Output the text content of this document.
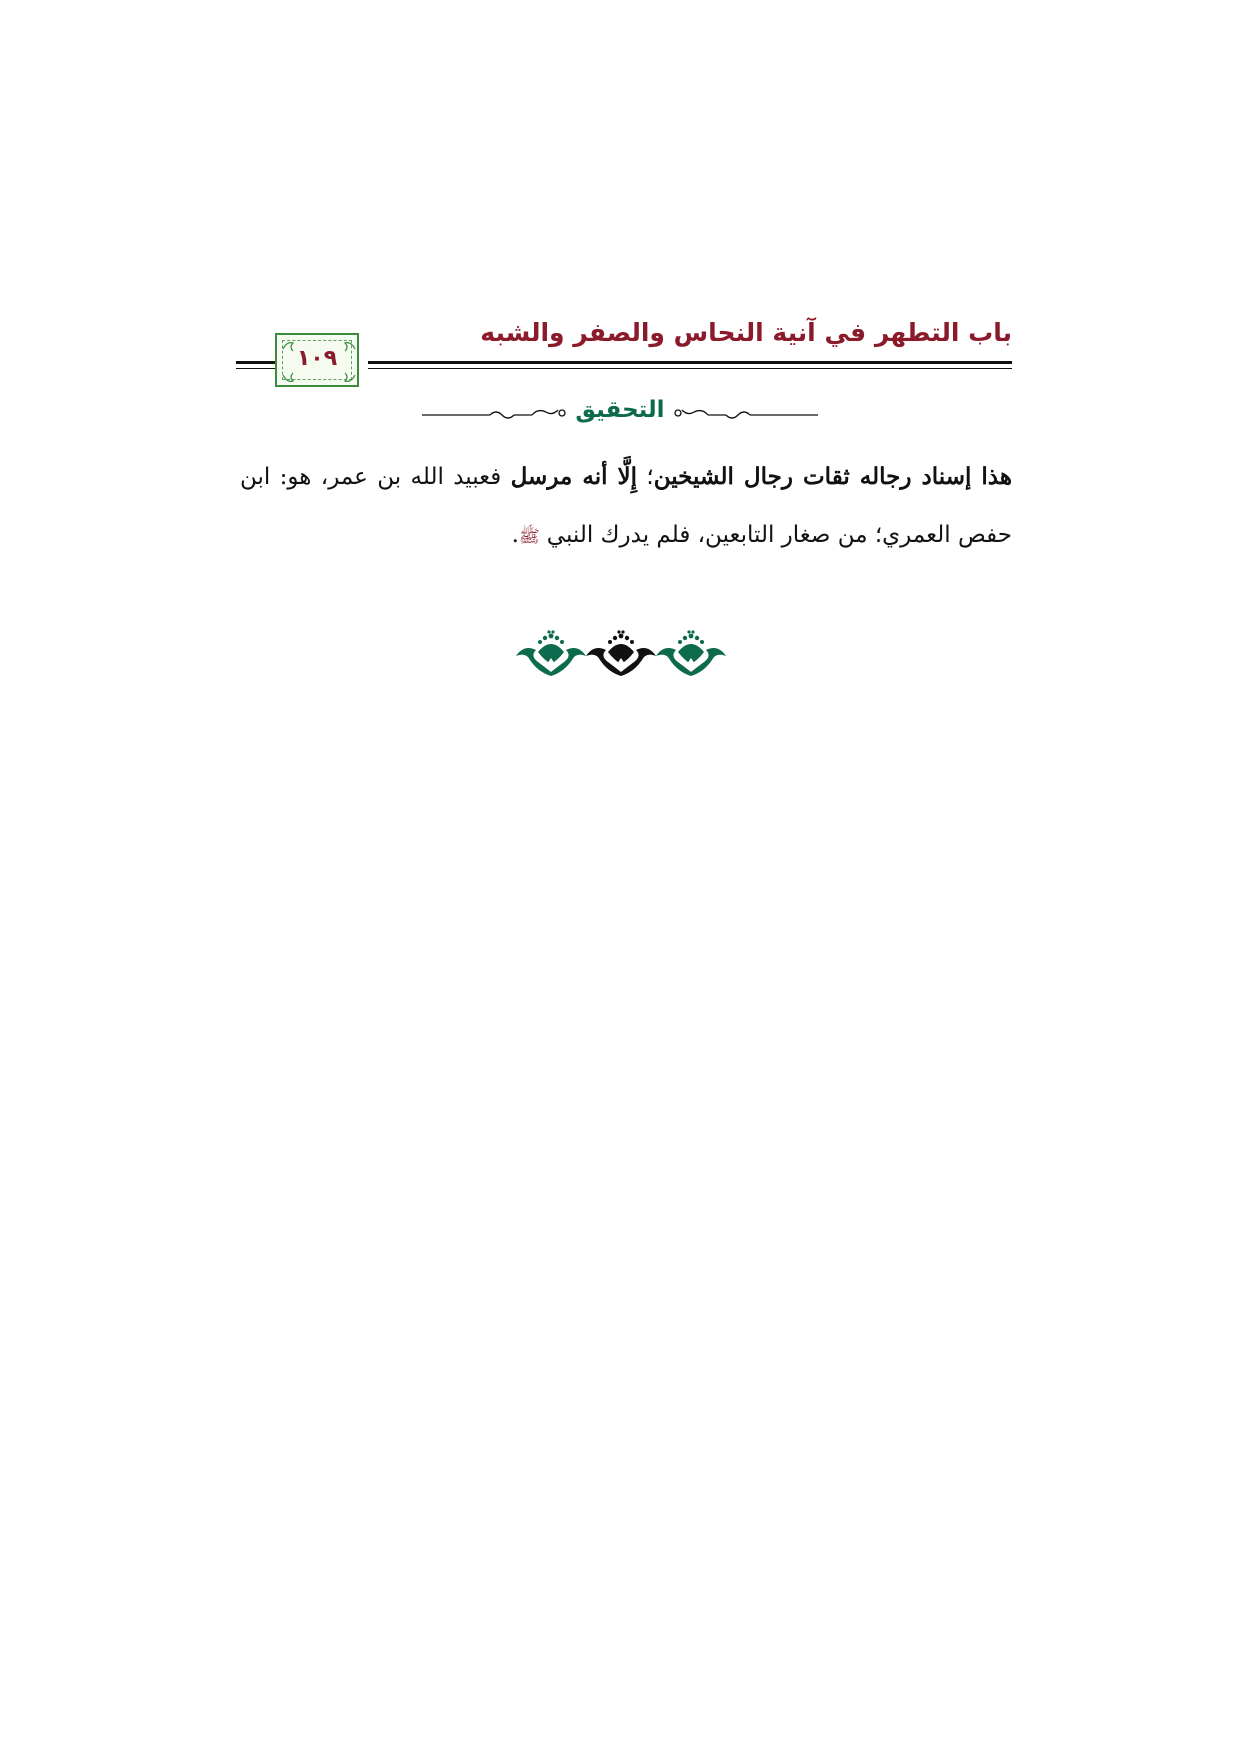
باب التطهر في آنية النحاس والصفر والشبه
١٠٩
التحقيق
هذا إسناد رجاله ثقات رجال الشيخين؛ إِلَّا أنه مرسل فعبيد الله بن عمر، هو: ابن حفص العمري؛ من صغار التابعين، فلم يدرك النبي ﷺ.
